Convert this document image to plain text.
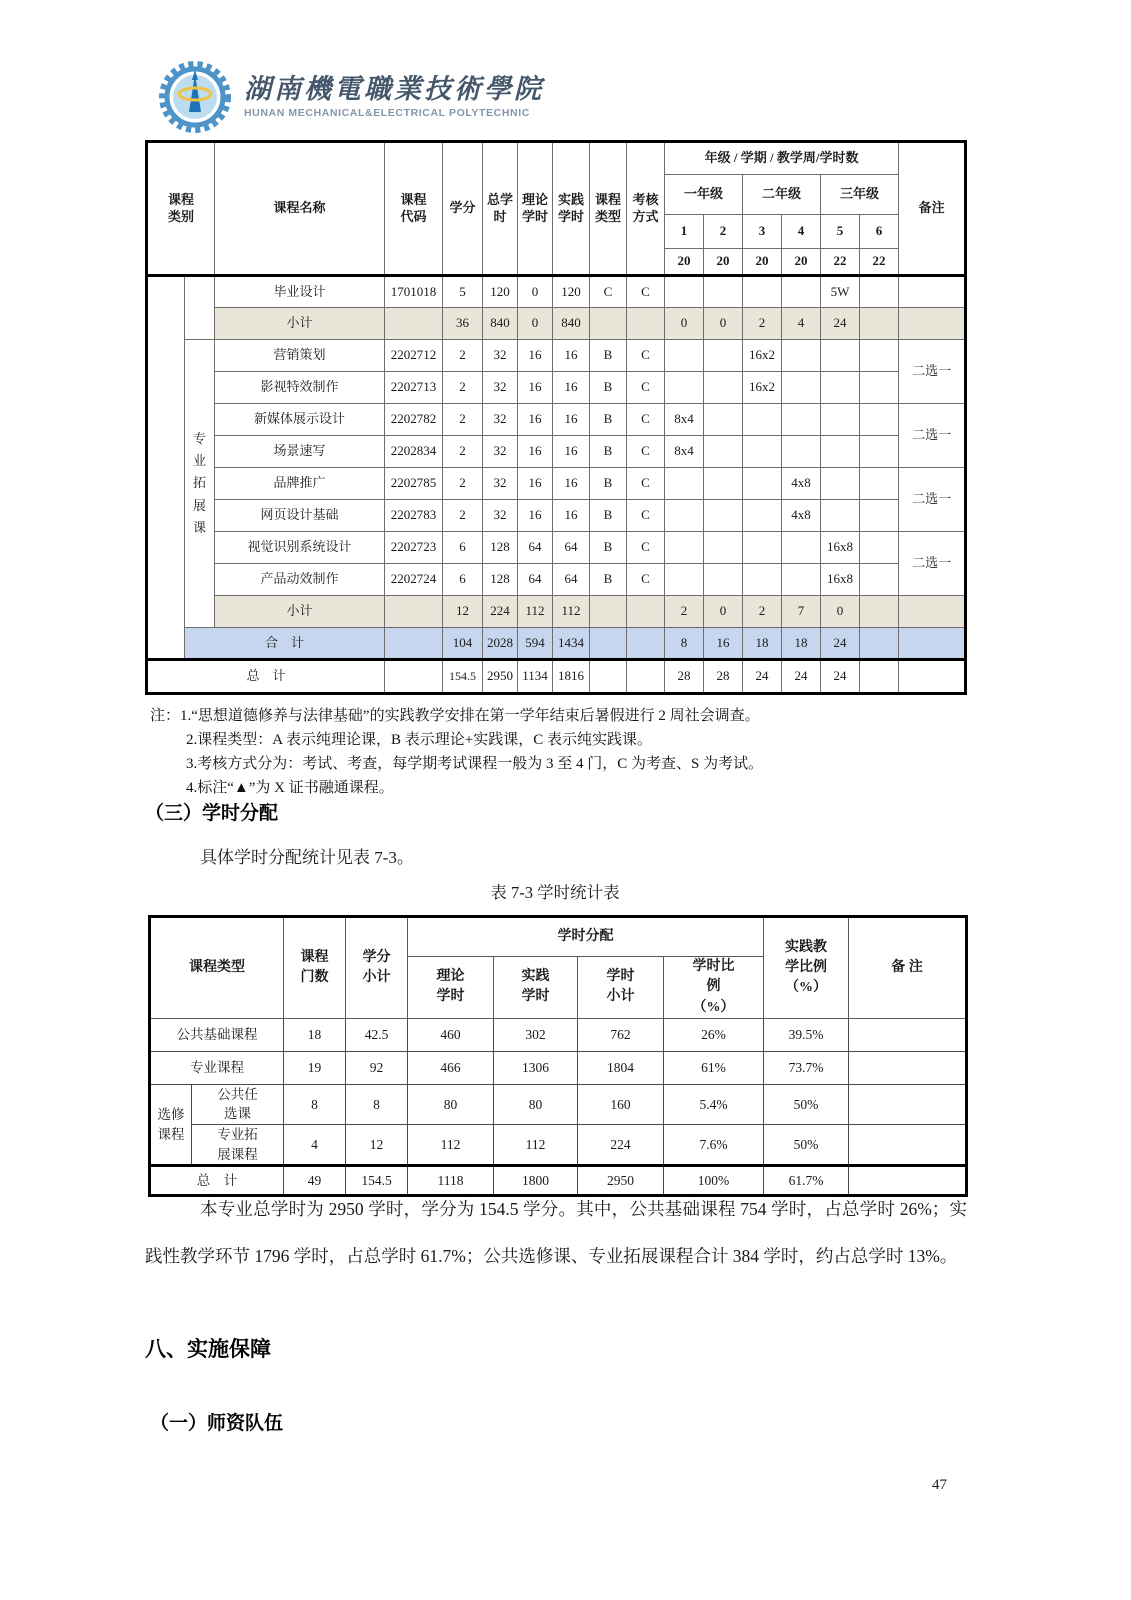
湖南機電職業技術學院
HUNAN MECHANICAL&ELECTRICAL POLYTECHNIC
课程类别		课程名称	课程代码	学分	总学时	理论学时	实践学时	课程类型	考核方式	年级 / 学期 / 教学周/学时数						备注
										一年级		二年级		三年级		
										1	2	3	4	5	6	
										20	20	20	20	22	22	
		毕业设计	1701018	5	120	0	120	C	C					5W		
		小计		36	840	0	840			0	0	2	4	24		
	专业拓展课	营销策划	2202712	2	32	16	16	B	C			16x2				二选一
		影视特效制作	2202713	2	32	16	16	B	C			16x2				
		新媒体展示设计	2202782	2	32	16	16	B	C	8x4						二选一
		场景速写	2202834	2	32	16	16	B	C	8x4						
		品牌推广	2202785	2	32	16	16	B	C				4x8			二选一
		网页设计基础	2202783	2	32	16	16	B	C				4x8			
		视觉识别系统设计	2202723	6	128	64	64	B	C					16x8		二选一
		产品动效制作	2202724	6	128	64	64	B	C					16x8		
		小计		12	224	112	112			2	0	2	7	0		
	合　计			104	2028	594	1434			8	16	18	18	24		
总　计				154.5	2950	1134	1816			28	28	24	24	24		
注：1.“思想道德修养与法律基础”的实践教学安排在第一学年结束后暑假进行 2 周社会调查。
2.课程类型：A 表示纯理论课，B 表示理论+实践课，C 表示纯实践课。
3.考核方式分为：考试、考查，每学期考试课程一般为 3 至 4 门，C 为考查、S 为考试。
4.标注“▲”为 X 证书融通课程。
（三）学时分配
具体学时分配统计见表 7-3。
表 7-3 学时统计表
课程类型		课程门数	学分小计	学时分配				实践教学比例（%）	备 注
				理论学时	实践学时	学时小计	学时比例（%）		
公共基础课程		18	42.5	460	302	762	26%	39.5%	
专业课程		19	92	466	1306	1804	61%	73.7%	
选修课程	公共任选课	8	8	80	80	160	5.4%	50%	
	专业拓展课程	4	12	112	112	224	7.6%	50%	
总　计		49	154.5	1118	1800	2950	100%	61.7%	
本专业总学时为 2950 学时，学分为 154.5 学分。其中，公共基础课程 754 学时，占总学时 26%；实践性教学环节 1796 学时，占总学时 61.7%；公共选修课、专业拓展课程合计 384 学时，约占总学时 13%。
八、实施保障
（一）师资队伍
47
